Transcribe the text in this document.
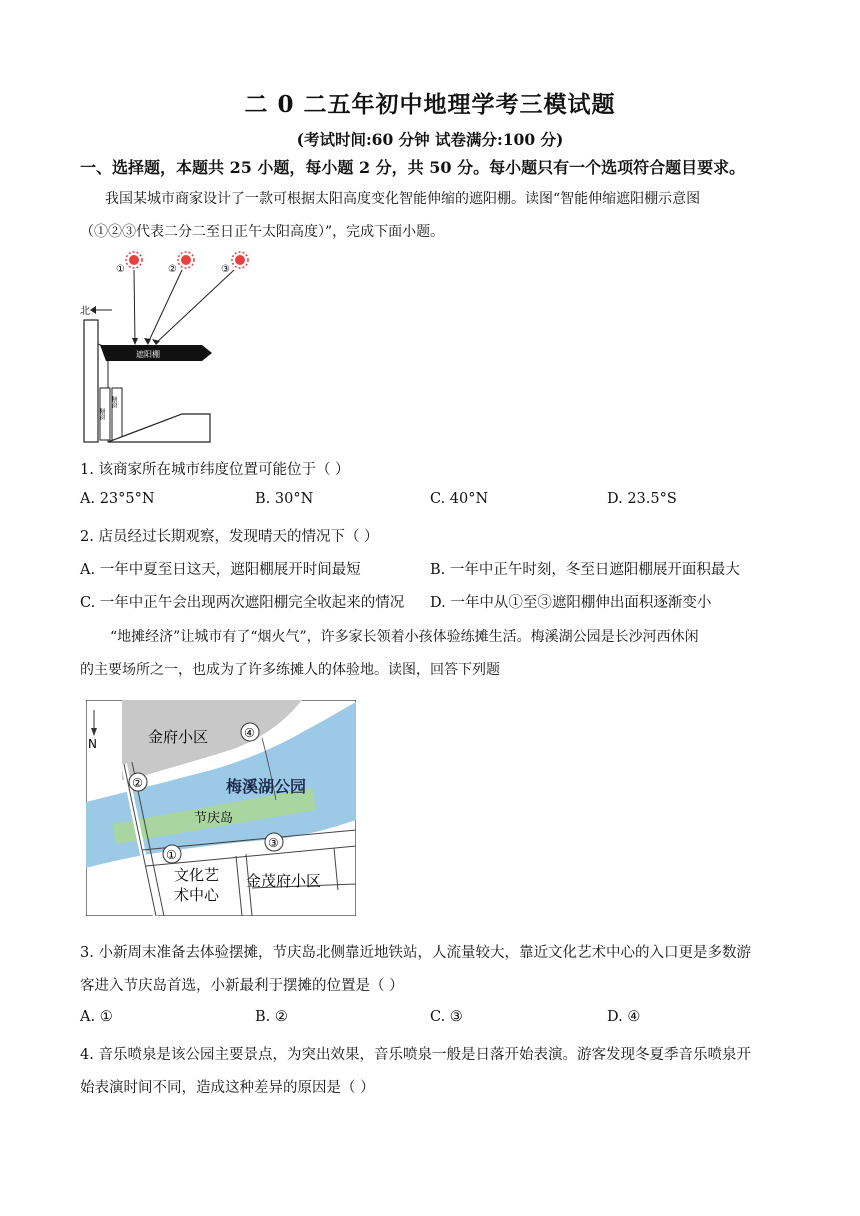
二 0 二五年初中地理学考三模试题
(考试时间:60 分钟 试卷满分:100 分)
一、选择题，本题共 25 小题，每小题 2 分，共 50 分。每小题只有一个选项符合题目要求。
我国某城市商家设计了一款可根据太阳高度变化智能伸缩的遮阳棚。读图“智能伸缩遮阳棚示意图
（①②③代表二分二至日正午太阳高度）”，完成下面小题。
①	②	③
北
橱窗
橱窗
遮阳棚
1. 该商家所在城市纬度位置可能位于（ ）
A. 23°5°N	B. 30°N	C. 40°N	D. 23.5°S
2. 店员经过长期观察，发现晴天的情况下（ ）
A. 一年中夏至日这天，遮阳棚展开时间最短	B. 一年中正午时刻，冬至日遮阳棚展开面积最大
C. 一年中正午会出现两次遮阳棚完全收起来的情况 D. 一年中从①至③遮阳棚伸出面积逐渐变小
“地摊经济”让城市有了“烟火气”，许多家长领着小孩体验练摊生活。梅溪湖公园是长沙河西休闲
的主要场所之一，也成为了许多练摊人的体验地。读图，回答下列题
N	金府小区
梅溪湖公园
节庆岛
文化艺
术中心
金茂府小区
④
②
③
①
3. 小新周末准备去体验摆摊，节庆岛北侧靠近地铁站，人流量较大，靠近文化艺术中心的入口更是多数游
客进入节庆岛首选，小新最利于摆摊的位置是（ ）
A. ①	B. ②	C. ③	D. ④
4. 音乐喷泉是该公园主要景点，为突出效果，音乐喷泉一般是日落开始表演。游客发现冬夏季音乐喷泉开
始表演时间不同，造成这种差异的原因是（ ）
